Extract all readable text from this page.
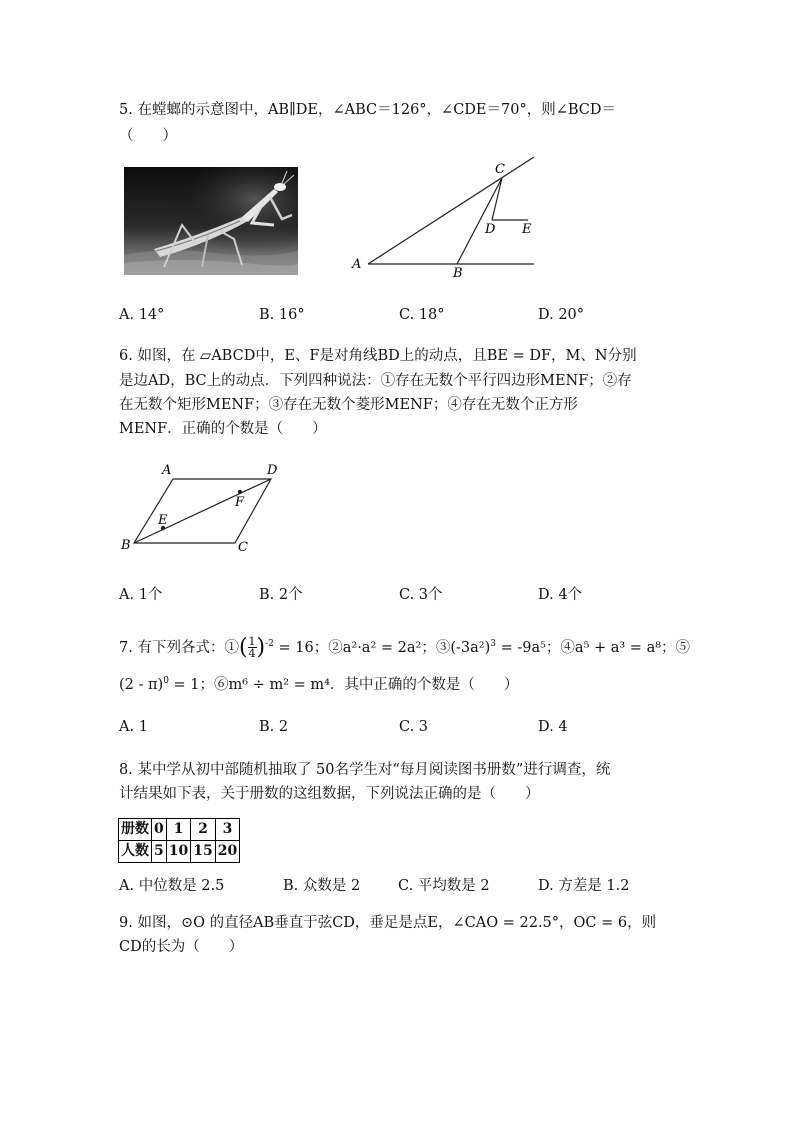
5. 在螳螂的示意图中，AB∥DE，∠ABC＝126°，∠CDE＝70°，则∠BCD＝
（　　）
A
B
C
D E
A. 14°	B. 16°	C. 18°	D. 20°
6. 如图，在 ▱ABCD中，E、F是对角线BD上的动点，且BE = DF，M、N分别
是边AD，BC上的动点．下列四种说法：①存在无数个平行四边形MENF；②存
在无数个矩形MENF；③存在无数个菱形MENF；④存在无数个正方形
MENF．正确的个数是（　　）
A	D
B	C
E
F
A. 1个	B. 2个	C. 3个	D. 4个
7. 有下列各式：①( $\frac{1}{4} )^{-2} = 16$；②a²·a² = 2a²；$③(-3a^2)^3 = -9a^5$；④a⁵ + a³ = a⁸；⑤
(2 - π)$^0$ = 1；⑥m⁶ ÷ m² = m⁴．其中正确的个数是（　　）
A. 1	B. 2	C. 3	D. 4
8. 某中学从初中部随机抽取了 50名学生对“每月阅读图书册数”进行调查，统
计结果如下表，关于册数的这组数据，下列说法正确的是（　　）
册数	0	1	2	3
人数	5	10	15	20
A. 中位数是 2.5	B. 众数是 2	C. 平均数是 2	D. 方差是 1.2
9. 如图，⊙O 的直径AB垂直于弦CD，垂足是点E，∠CAO = 22.5°，OC = 6，则
CD的长为（　　）
